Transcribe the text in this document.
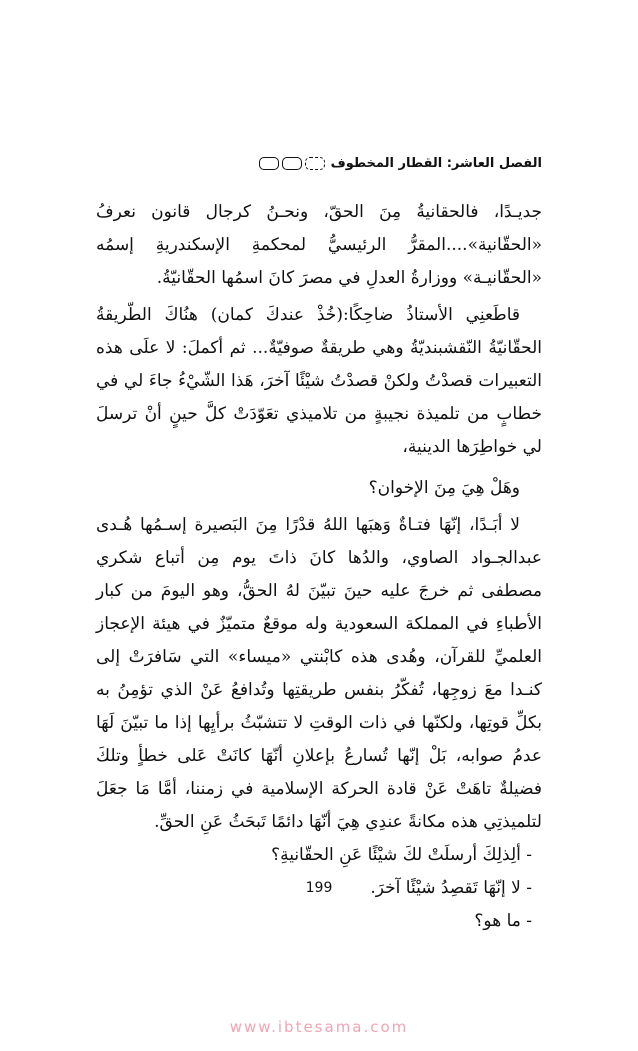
الفصل العاشر: القطار المخطوف

جديـدًا، فالحقانيةُ مِنَ الحقّ، ونحـنُ كرجال قانون نعرفُ «الحقّانية»....المقرُّ الرئيسيُّ لمحكمةِ الإسكندريةِ إسمُه «الحقّانيـة» ووزارةُ العدلِ في مصرَ كانَ اسمُها الحقّانيّةُ.

قاطَعنِي الأستاذُ ضاحِكًا:(خُذْ عندكَ كمان) هنُاكَ الطّريقةُ الحقّانيّةُ النّقشبنديّةُ وهي طريقةٌ صوفيّةٌ... ثم أكملَ: لا علَى هذه التعبيرات قصدْتُ ولكنْ قصدْتُ شيْئًا آخرَ، هَذا الشّيْءُ جاءَ لي في خطابٍ من تلميذة نجيبةٍ من تلاميذي تعَوّدَتْ كلَّ حينٍ أنْ ترسلَ لي خواطِرَها الدينية،

وهَلْ هِيَ مِنَ الإخوان؟

لا أبَـدًا، إنّهَا فتـاةٌ وَهبَها اللهُ قدْرًا مِنَ البَصيرة إسـمُها هُـدى عبدالجـواد الصاوي، والدُها كانَ ذاتَ يوم مِن أتباع شكري مصطفى ثم خرجَ عليه حينَ تبيّنَ لهُ الحقُّ، وهو اليومَ من كبار الأطباءِ في المملكة السعودية وله موقعٌ متميّزٌ في هيئة الإعجاز العلميِّ للقرآن، وهُدى هذه كابْنتي «ميساء» التي سَافرَتْ إلى كنـدا معَ زوجِها، تُفكّرُ بنفس طريقتِها وتُدافعُ عَنْ الذي تؤمِنُ به بكلِّ قوتِها، ولكنّها في ذات الوقتِ لا تتشبّثُ برأيِها إذا ما تبيّنَ لَهَا عدمُ صوابه، بَلْ إنّها تُسارعُ بإعلانِ أنّهَا كانَتْ عَلى خطأٍ وتلكَ فضيلةٌ تاهَتْ عَنْ قادة الحركة الإسلامية في زمننا، أمَّا مَا جعَلَ لتلميذتِي هذه مكانةً عندِي هِيَ أنّهَا دائمًا تَبحَثُ عَنِ الحقِّ.

- ألِذلِكَ أرسلَتْ لكَ شيْئًا عَنِ الحقّانيةِ؟

- لا إنّهَا تَقصِدُ شيْئًا آخرَ.

- ما هو؟

199
www.ibtesama.com
